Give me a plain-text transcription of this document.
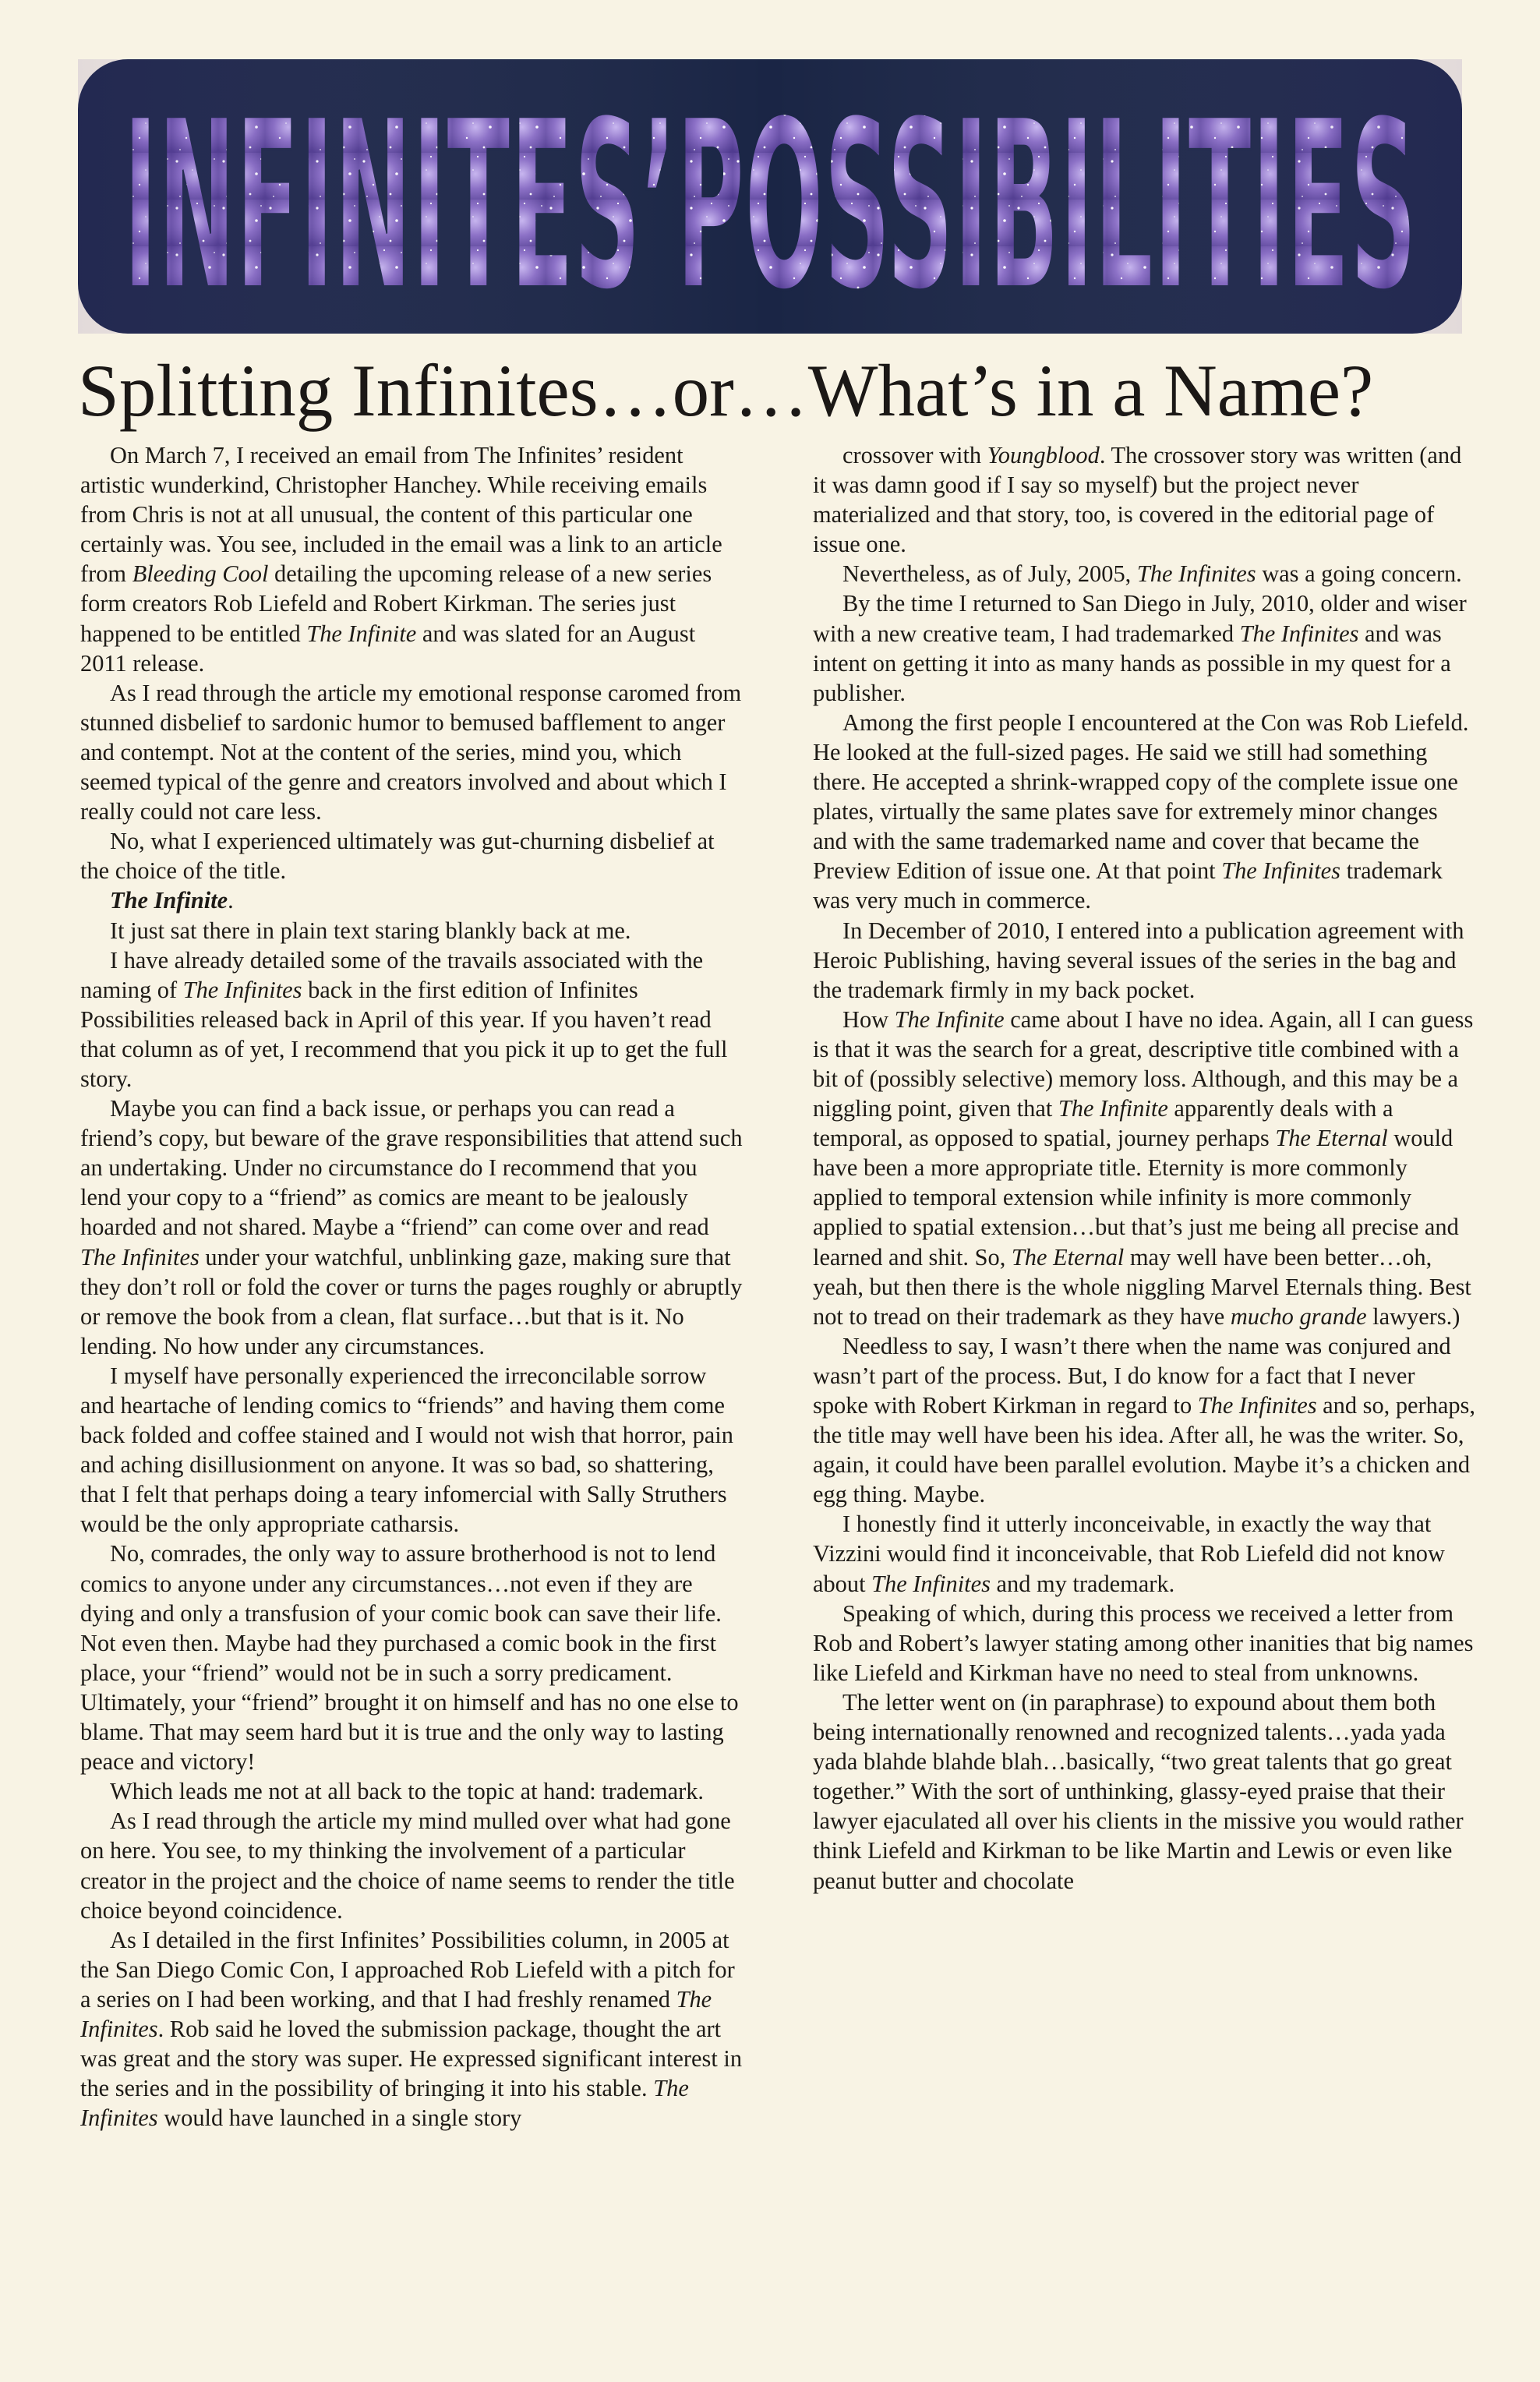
INFINITES’POSSIBILITIES
Splitting Infinites…or…What’s in a Name?

On March 7, I received an email from The Infinites’ resident artistic wunderkind, Christopher Hanchey. While receiving emails from Chris is not at all unusual, the content of this particular one certainly was. You see, included in the email was a link to an article from Bleeding Cool detailing the upcoming release of a new series form creators Rob Liefeld and Robert Kirkman. The series just happened to be entitled The Infinite and was slated for an August 2011 release.

As I read through the article my emotional response caromed from stunned disbelief to sardonic humor to bemused bafflement to anger and contempt. Not at the content of the series, mind you, which seemed typical of the genre and creators involved and about which I really could not care less.

No, what I experienced ultimately was gut-churning disbelief at the choice of the title.

The Infinite.

It just sat there in plain text staring blankly back at me.

I have already detailed some of the travails associated with the naming of The Infinites back in the first edition of Infinites Possibilities released back in April of this year. If you haven’t read that column as of yet, I recommend that you pick it up to get the full story.

Maybe you can find a back issue, or perhaps you can read a friend’s copy, but beware of the grave responsibilities that attend such an undertaking. Under no circumstance do I recommend that you lend your copy to a “friend” as comics are meant to be jealously hoarded and not shared. Maybe a “friend” can come over and read The Infinites under your watchful, unblinking gaze, making sure that they don’t roll or fold the cover or turns the pages roughly or abruptly or remove the book from a clean, flat surface…but that is it. No lending. No how under any circumstances.

I myself have personally experienced the irreconcilable sorrow and heartache of lending comics to “friends” and having them come back folded and coffee stained and I would not wish that horror, pain and aching disillusionment on anyone. It was so bad, so shattering, that I felt that perhaps doing a teary infomercial with Sally Struthers would be the only appropriate catharsis.

No, comrades, the only way to assure brotherhood is not to lend comics to anyone under any circumstances…not even if they are dying and only a transfusion of your comic book can save their life. Not even then. Maybe had they purchased a comic book in the first place, your “friend” would not be in such a sorry predicament. Ultimately, your “friend” brought it on himself and has no one else to blame. That may seem hard but it is true and the only way to lasting peace and victory!

Which leads me not at all back to the topic at hand: trademark.

As I read through the article my mind mulled over what had gone on here. You see, to my thinking the involvement of a particular creator in the project and the choice of name seems to render the title choice beyond coincidence.

As I detailed in the first Infinites’ Possibilities column, in 2005 at the San Diego Comic Con, I approached Rob Liefeld with a pitch for a series on I had been working, and that I had freshly renamed The Infinites. Rob said he loved the submission package, thought the art was great and the story was super. He expressed significant interest in the series and in the possibility of bringing it into his stable. The Infinites would have launched in a single story

crossover with Youngblood. The crossover story was written (and it was damn good if I say so myself) but the project never materialized and that story, too, is covered in the editorial page of issue one.

Nevertheless, as of July, 2005, The Infinites was a going concern.

By the time I returned to San Diego in July, 2010, older and wiser with a new creative team, I had trademarked The Infinites and was intent on getting it into as many hands as possible in my quest for a publisher.

Among the first people I encountered at the Con was Rob Liefeld. He looked at the full-sized pages. He said we still had something there. He accepted a shrink-wrapped copy of the complete issue one plates, virtually the same plates save for extremely minor changes and with the same trademarked name and cover that became the Preview Edition of issue one. At that point The Infinites trademark was very much in commerce.

In December of 2010, I entered into a publication agreement with Heroic Publishing, having several issues of the series in the bag and the trademark firmly in my back pocket.

How The Infinite came about I have no idea. Again, all I can guess is that it was the search for a great, descriptive title combined with a bit of (possibly selective) memory loss. Although, and this may be a niggling point, given that The Infinite apparently deals with a temporal, as opposed to spatial, journey perhaps The Eternal would have been a more appropriate title. Eternity is more commonly applied to temporal extension while infinity is more commonly applied to spatial extension…but that’s just me being all precise and learned and shit. So, The Eternal may well have been better…oh, yeah, but then there is the whole niggling Marvel Eternals thing. Best not to tread on their trademark as they have mucho grande lawyers.)

Needless to say, I wasn’t there when the name was conjured and wasn’t part of the process. But, I do know for a fact that I never spoke with Robert Kirkman in regard to The Infinites and so, perhaps, the title may well have been his idea. After all, he was the writer. So, again, it could have been parallel evolution. Maybe it’s a chicken and egg thing. Maybe.

I honestly find it utterly inconceivable, in exactly the way that Vizzini would find it inconceivable, that Rob Liefeld did not know about The Infinites and my trademark.

Speaking of which, during this process we received a letter from Rob and Robert’s lawyer stating among other inanities that big names like Liefeld and Kirkman have no need to steal from unknowns.

The letter went on (in paraphrase) to expound about them both

being internationally renowned and recognized talents…yada yada yada blahde blahde blah…basically, “two great talents that go great together.” With the sort of unthinking, glassy-eyed praise that their lawyer ejaculated all over his clients in the missive you would rather think Liefeld and Kirkman to be like Martin and Lewis or even like peanut butter and chocolate
